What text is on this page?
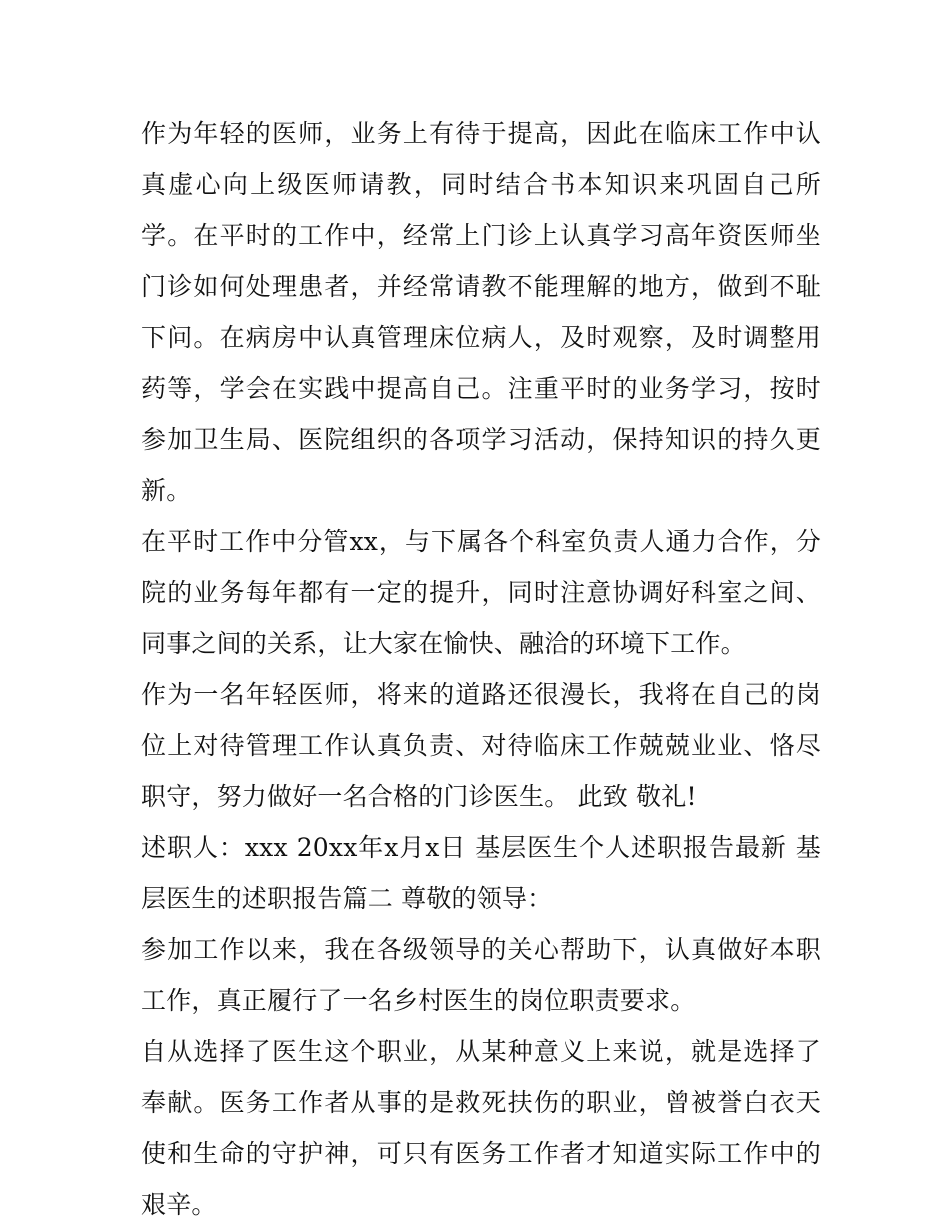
作为年轻的医师，业务上有待于提高，因此在临床工作中认真虚心向上级医师请教，同时结合书本知识来巩固自己所学。在平时的工作中，经常上门诊上认真学习高年资医师坐门诊如何处理患者，并经常请教不能理解的地方，做到不耻下问。在病房中认真管理床位病人，及时观察，及时调整用药等，学会在实践中提高自己。注重平时的业务学习，按时参加卫生局、医院组织的各项学习活动，保持知识的持久更新。

在平时工作中分管xx，与下属各个科室负责人通力合作，分院的业务每年都有一定的提升，同时注意协调好科室之间、同事之间的关系，让大家在愉快、融洽的环境下工作。

作为一名年轻医师，将来的道路还很漫长，我将在自己的岗位上对待管理工作认真负责、对待临床工作兢兢业业、恪尽职守，努力做好一名合格的门诊医生。 此致 敬礼!

述职人：xxx 20xx年x月x日 基层医生个人述职报告最新 基层医生的述职报告篇二 尊敬的领导：

参加工作以来，我在各级领导的关心帮助下，认真做好本职工作，真正履行了一名乡村医生的岗位职责要求。

自从选择了医生这个职业，从某种意义上来说，就是选择了奉献。医务工作者从事的是救死扶伤的职业，曾被誉白衣天使和生命的守护神，可只有医务工作者才知道实际工作中的艰辛。
